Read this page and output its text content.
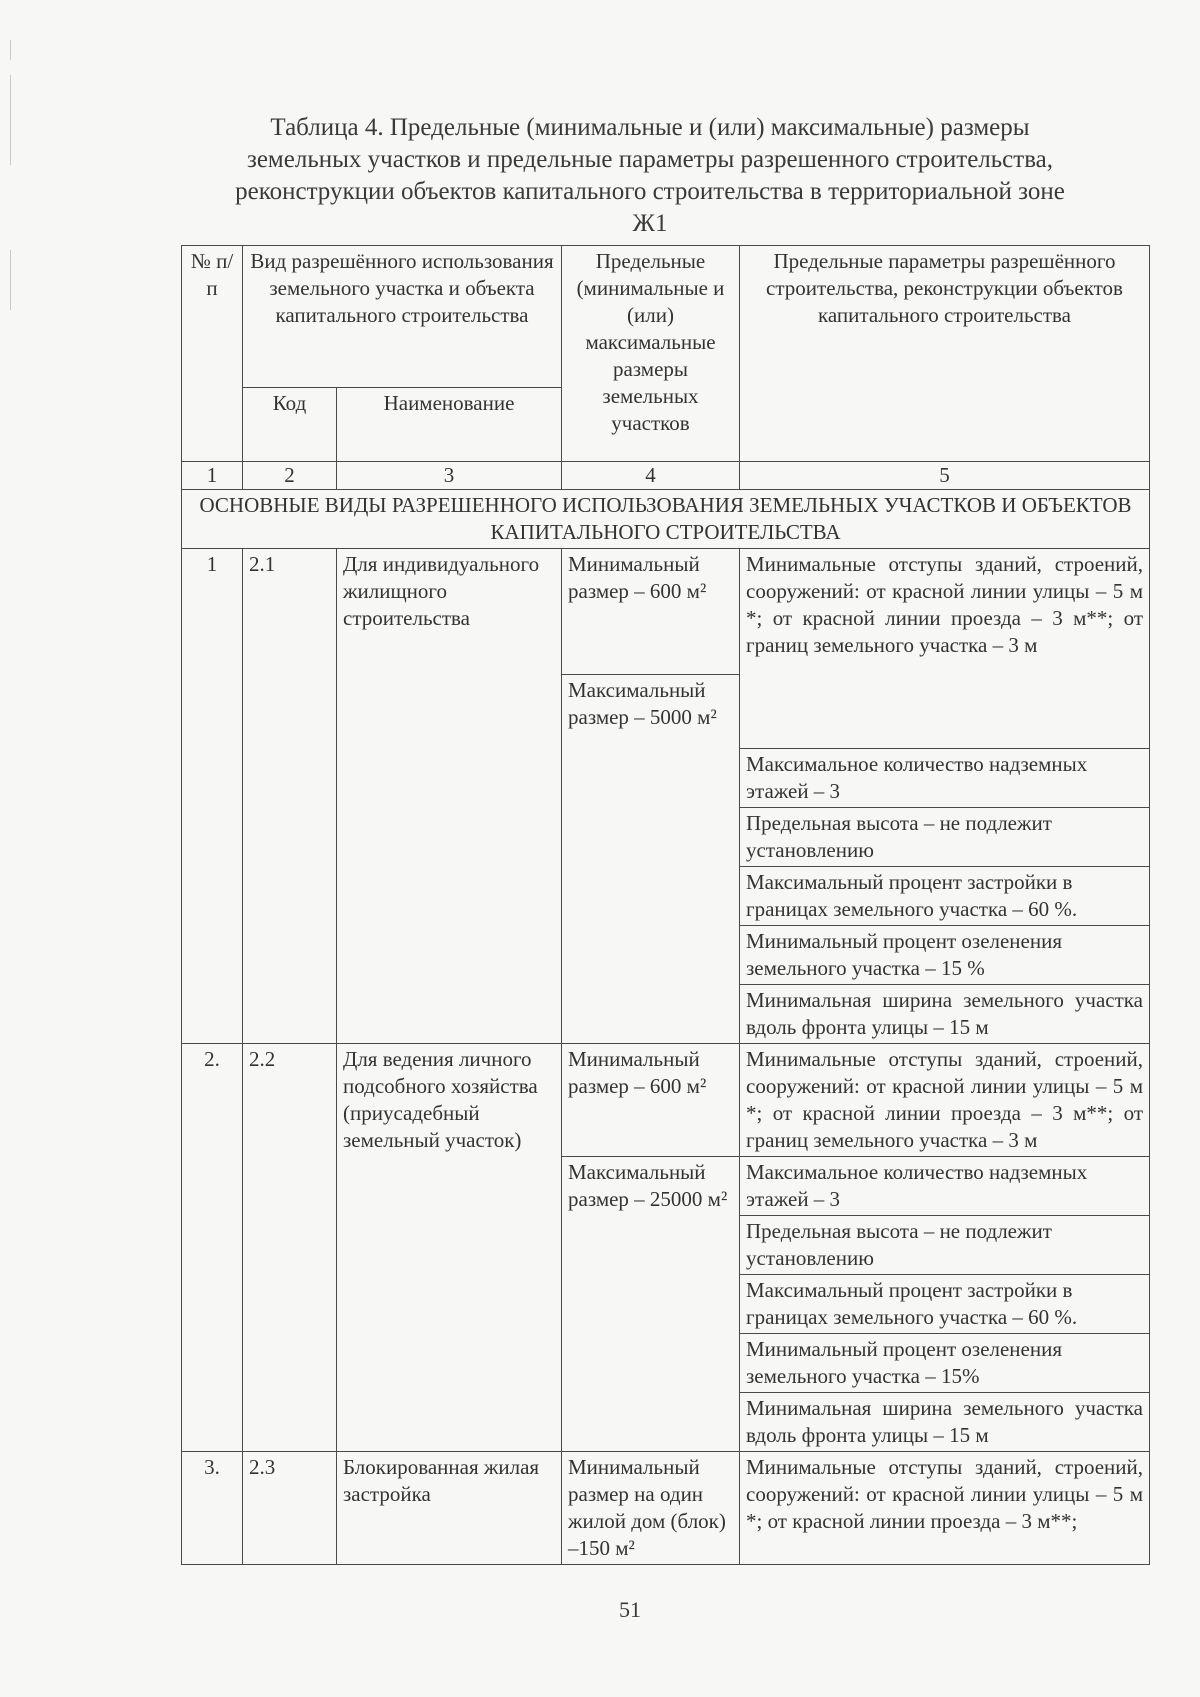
Таблица 4. Предельные (минимальные и (или) максимальные) размеры
земельных участков и предельные параметры разрешенного строительства,
реконструкции объектов капитального строительства в территориальной зоне
Ж1
№ п/п	Вид разрешённого использования земельного участка и объекта капитального строительства		Предельные (минимальные и (или) максимальные размеры земельных участков	Предельные параметры разрешённого строительства, реконструкции объектов капитального строительства
	Код	Наименование		
1	2	3	4	5
ОСНОВНЫЕ ВИДЫ РАЗРЕШЕННОГО ИСПОЛЬЗОВАНИЯ ЗЕМЕЛЬНЫХ УЧАСТКОВ И ОБЪЕКТОВ КАПИТАЛЬНОГО СТРОИТЕЛЬСТВА				
1	2.1	Для индивидуального жилищного строительства	Минимальный размер – 600 м²	Минимальные отступы зданий, строений, сооружений: от красной линии улицы – 5 м *; от красной линии проезда – 3 м**; от границ земельного участка – 3 м
			Максимальный размер – 5000 м²	
				Максимальное количество надземных этажей – 3
				Предельная высота – не подлежит установлению
				Максимальный процент застройки в границах земельного участка – 60 %.
				Минимальный процент озеленения земельного участка – 15 %
				Минимальная ширина земельного участка вдоль фронта улицы – 15 м
2.	2.2	Для ведения личного подсобного хозяйства (приусадебный земельный участок)	Минимальный размер – 600 м²	Минимальные отступы зданий, строений, сооружений: от красной линии улицы – 5 м *; от красной линии проезда – 3 м**; от границ земельного участка – 3 м
			Максимальный размер – 25000 м²	Максимальное количество надземных этажей – 3
				Предельная высота – не подлежит установлению
				Максимальный процент застройки в границах земельного участка – 60 %.
				Минимальный процент озеленения земельного участка – 15%
				Минимальная ширина земельного участка вдоль фронта улицы – 15 м
3.	2.3	Блокированная жилая застройка	Минимальный размер на один жилой дом (блок) –150 м²	Минимальные отступы зданий, строений, сооружений: от красной линии улицы – 5 м *; от красной линии проезда – 3 м**;
51
